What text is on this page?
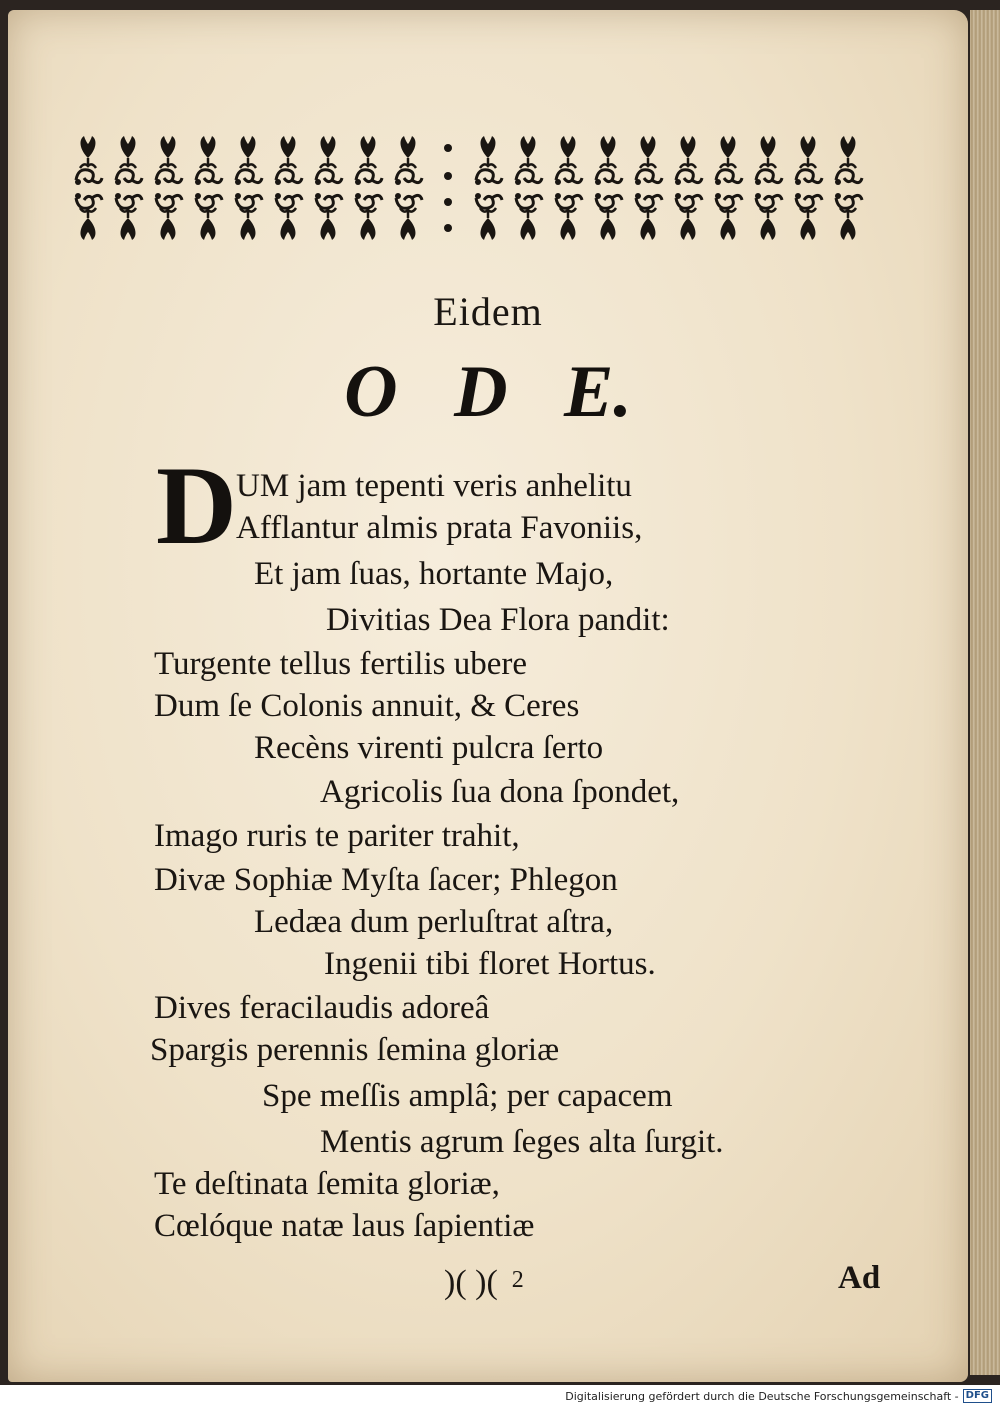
Eidem
O D E.
D UM jam tepenti veris anhelitu
Afflantur almis prata Favoniis,
Et jam ſuas, hortante Majo,
Divitias Dea Flora pandit:
Turgente tellus fertilis ubere
Dum ſe Colonis annuit, & Ceres
Recèns virenti pulcra ſerto
Agricolis ſua dona ſpondet,
Imago ruris te pariter trahit,
Divæ Sophiæ Myſta ſacer; Phlegon
Ledæa dum perluſtrat aſtra,
Ingenii tibi floret Hortus.
Dives feracilaudis adoreâ
Spargis perennis ſemina gloriæ
Spe meſſis amplâ; per capacem
Mentis agrum ſeges alta ſurgit.
Te deſtinata ſemita gloriæ,
Cœlóque natæ laus ſapientiæ
)( )( 2	Ad
Digitalisierung gefördert durch die Deutsche Forschungsgemeinschaft - DFG
